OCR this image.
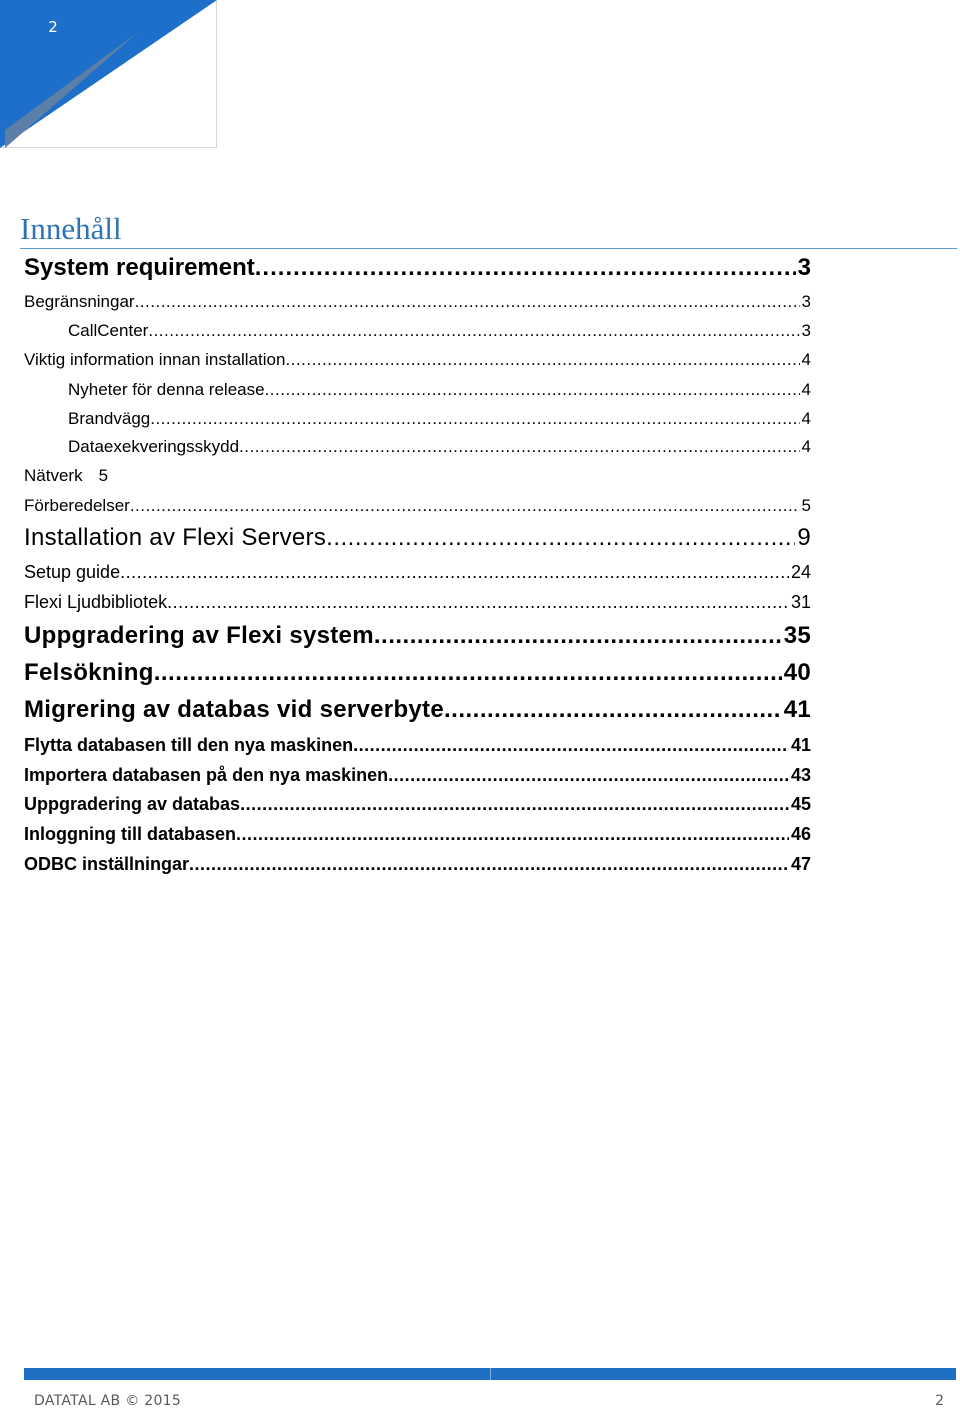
2
Innehåll
System requirement .....	3
Begränsningar .....	3
CallCenter .....	3
Viktig information innan installation .....	4
Nyheter för denna release .....	4
Brandvägg .....	4
Dataexekveringsskydd .....	4
Nätverk 5
Förberedelser .....	5
Installation av Flexi Servers .....	9
Setup guide .....	24
Flexi Ljudbibliotek .....	31
Uppgradering av Flexi system .....	35
Felsökning .....	40
Migrering av databas vid serverbyte .....	41
Flytta databasen till den nya maskinen .....	41
Importera databasen på den nya maskinen .....	43
Uppgradering av databas .....	45
Inloggning till databasen .....	46
ODBC inställningar .....	47
DATATAL AB © 2015	2
